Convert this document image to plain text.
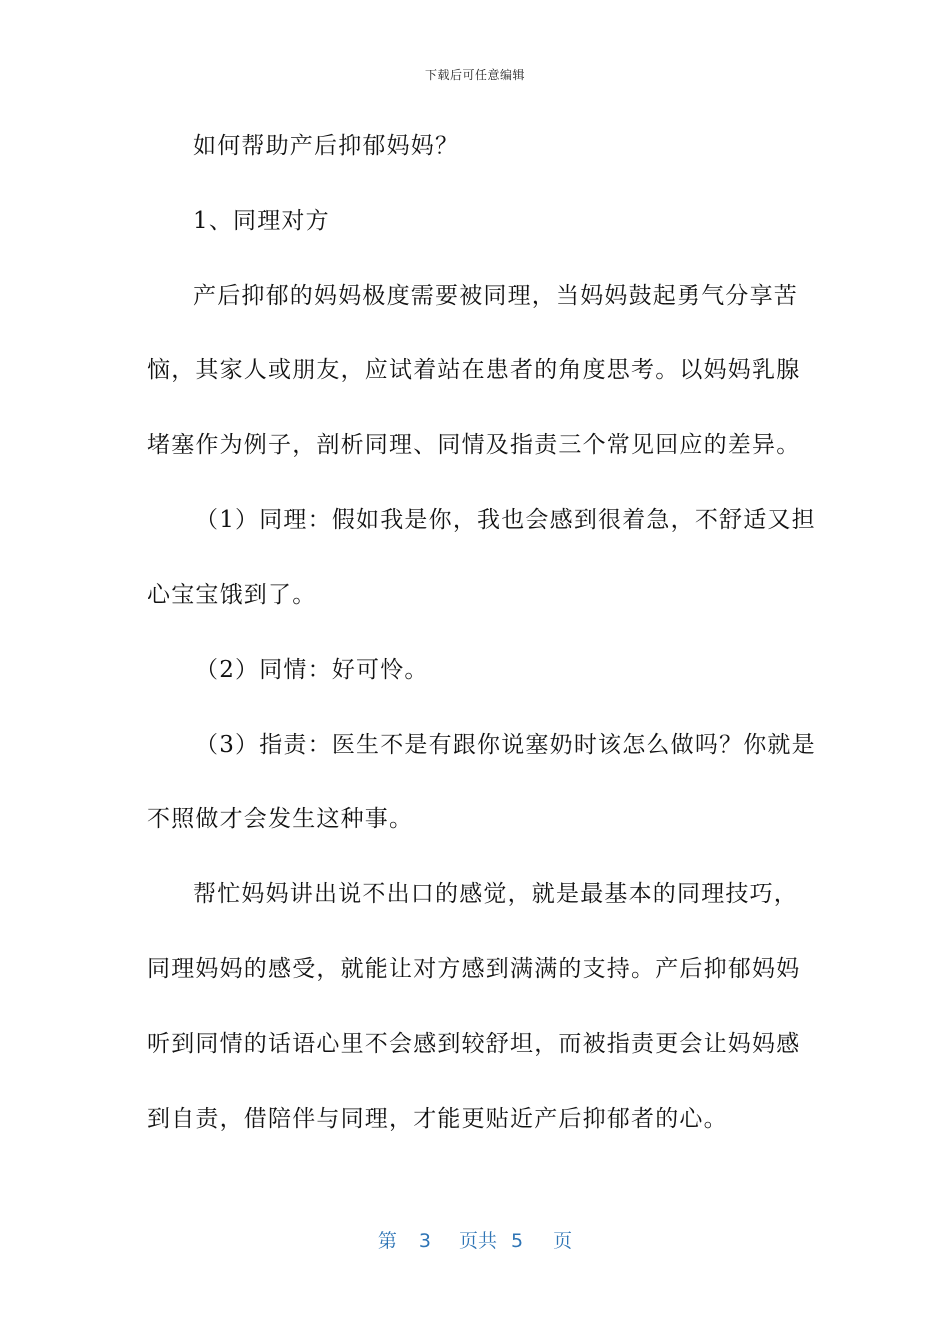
下载后可任意编辑
如何帮助产后抑郁妈妈？
1、同理对方
产后抑郁的妈妈极度需要被同理，当妈妈鼓起勇气分享苦
恼，其家人或朋友，应试着站在患者的角度思考。以妈妈乳腺
堵塞作为例子，剖析同理、同情及指责三个常见回应的差异。
（1）同理：假如我是你，我也会感到很着急，不舒适又担
心宝宝饿到了。
（2）同情：好可怜。
（3）指责：医生不是有跟你说塞奶时该怎么做吗？你就是
不照做才会发生这种事。
帮忙妈妈讲出说不出口的感觉，就是最基本的同理技巧，
同理妈妈的感受，就能让对方感到满满的支持。产后抑郁妈妈
听到同情的话语心里不会感到较舒坦，而被指责更会让妈妈感
到自责，借陪伴与同理，才能更贴近产后抑郁者的心。
第 3 页共 5 页
